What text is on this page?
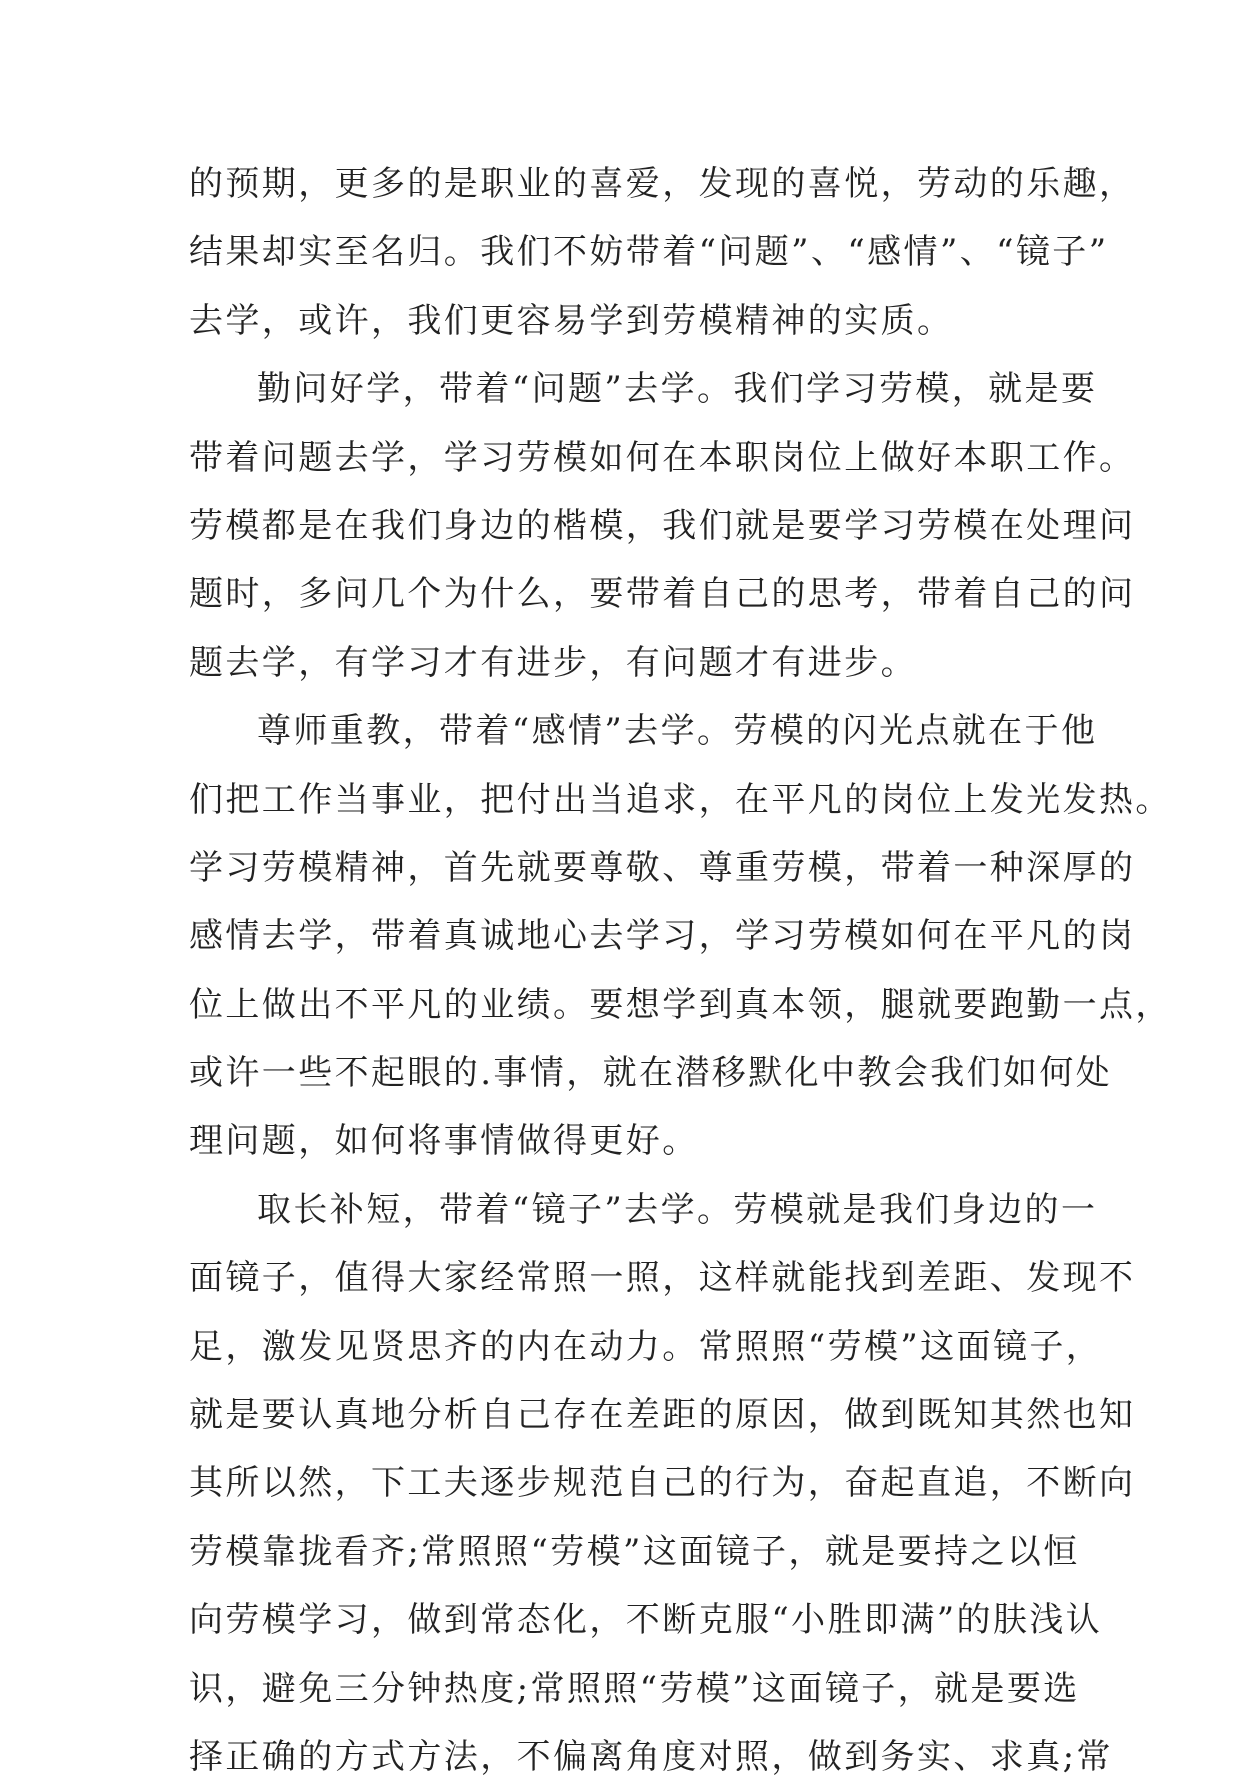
的预期，更多的是职业的喜爱，发现的喜悦，劳动的乐趣，
结果却实至名归。我们不妨带着“问题”、“感情”、“镜子”
去学，或许，我们更容易学到劳模精神的实质。
勤问好学，带着“问题”去学。我们学习劳模，就是要
带着问题去学，学习劳模如何在本职岗位上做好本职工作。
劳模都是在我们身边的楷模，我们就是要学习劳模在处理问
题时，多问几个为什么，要带着自己的思考，带着自己的问
题去学，有学习才有进步，有问题才有进步。
尊师重教，带着“感情”去学。劳模的闪光点就在于他
们把工作当事业，把付出当追求，在平凡的岗位上发光发热。
学习劳模精神，首先就要尊敬、尊重劳模，带着一种深厚的
感情去学，带着真诚地心去学习，学习劳模如何在平凡的岗
位上做出不平凡的业绩。要想学到真本领，腿就要跑勤一点，
或许一些不起眼的.事情，就在潜移默化中教会我们如何处
理问题，如何将事情做得更好。
取长补短，带着“镜子”去学。劳模就是我们身边的一
面镜子，值得大家经常照一照，这样就能找到差距、发现不
足，激发见贤思齐的内在动力。常照照“劳模”这面镜子，
就是要认真地分析自己存在差距的原因，做到既知其然也知
其所以然，下工夫逐步规范自己的行为，奋起直追，不断向
劳模靠拢看齐;常照照“劳模”这面镜子，就是要持之以恒
向劳模学习，做到常态化，不断克服“小胜即满”的肤浅认
识，避免三分钟热度;常照照“劳模”这面镜子，就是要选
择正确的方式方法，不偏离角度对照，做到务实、求真;常
